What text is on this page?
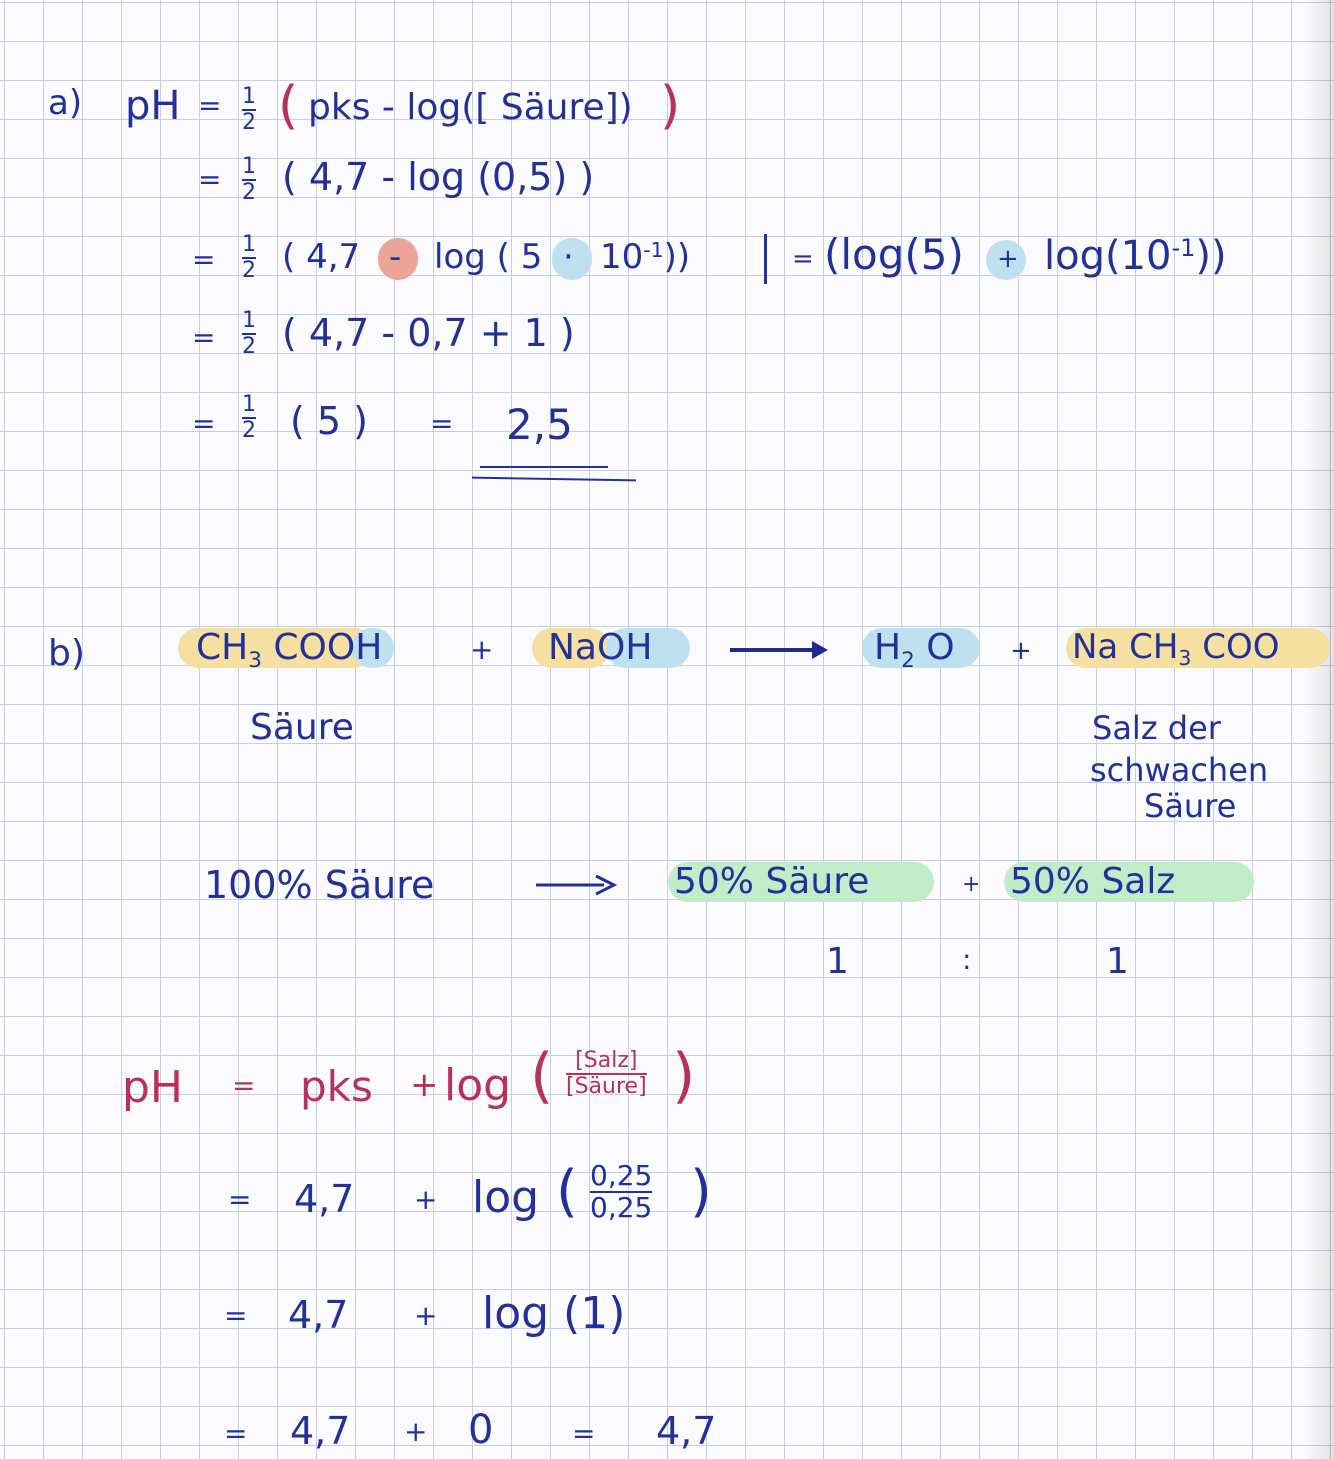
a) pH = 1
2 ( pks - log([ Säure]) )
= 1
2 ( 4,7 - log (0,5) )
= 1
2 ( 4,7 - log ( $5 \cdot 10^{-1}$))	= $(\log(5) + \log(10^{-1}))$
=
1
2 ( 4,7 - 0,7 + 1 )
=
1
2 ( 5 ) = 2,5
b)	$CH_3$ COOH	+ NaOH	$H_2$ O + Na $CH_3$ COO
Säure	Salz der
schwachen
Säure
100% Säure	50% Säure	+ 50% Salz
1	:	1
pH = pks + log ( [Salz]
[Säure] )
= 4,7 + log ( 0,25
0,25 )
= 4,7 + log (1)
= 4,7 + 0	= 4,7
